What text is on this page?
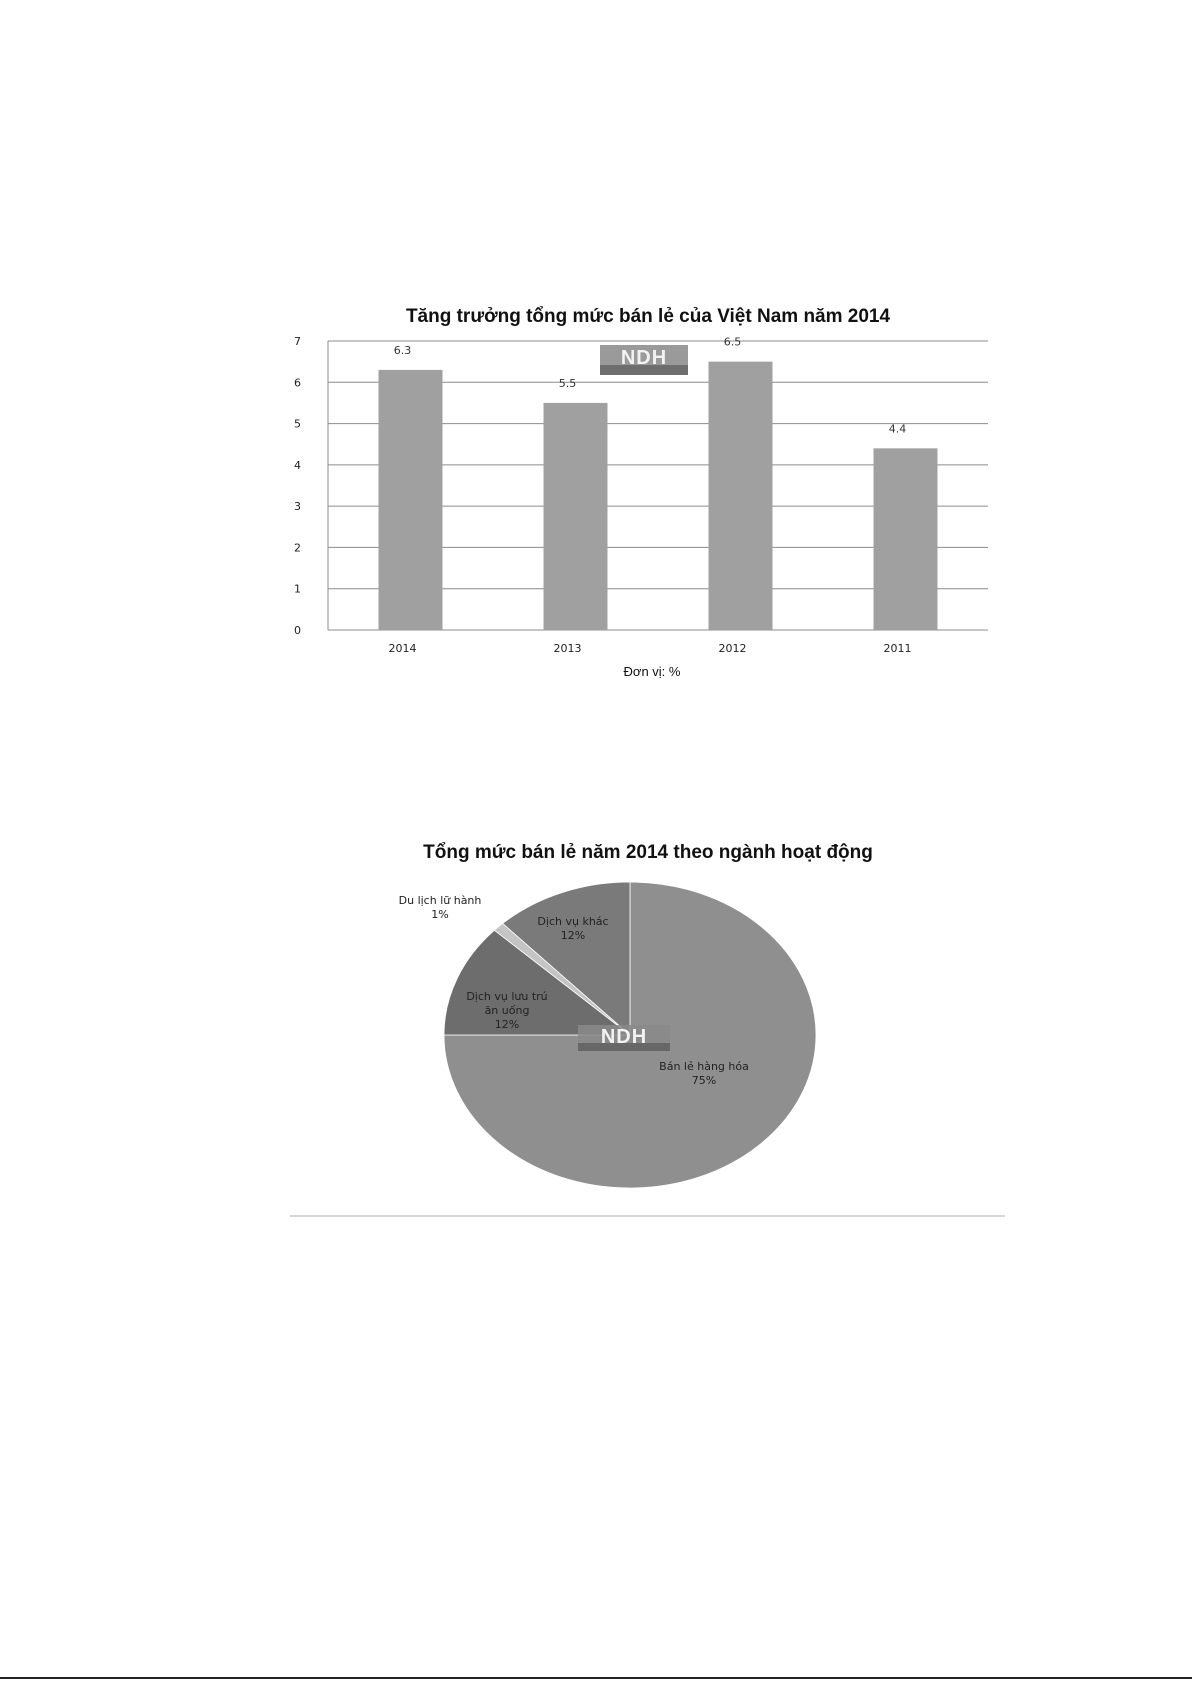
Tăng trưởng tổng mức bán lẻ của Việt Nam năm 2014
0
1
2
3
4
5
6
7
6.3
5.5
6.5
4.4
2014	2013	2012	2011
Đơn vị: %
NDH
Tổng mức bán lẻ năm 2014 theo ngành hoạt động
Bán lẻ hàng hóa 75%
Dịch vụ lưu trú ăn uống 12%
Du lịch lữ hành 1%
Dịch vụ khác 12%
NDH
